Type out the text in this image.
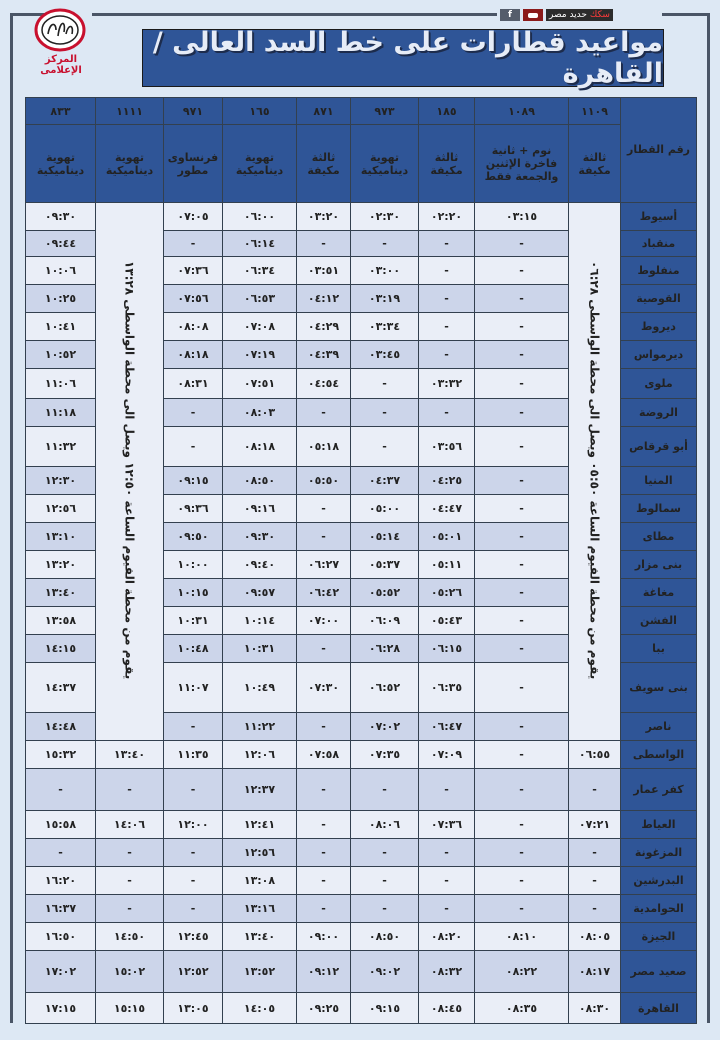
المركز الإعلامى
f	سكك حديد مصر
مواعيد قطارات على خط السد العالى / القاهرة
٨٣٣	١١١١	٩٧١	١٦٥	٨٧١	٩٧٣	١٨٥	١٠٨٩	١١٠٩	رقم القطار
تهوية ديناميكية	تهوية ديناميكية	فرنساوى مطور	تهوية ديناميكية	ثالثة مكيفة	تهوية ديناميكية	ثالثة مكيفة	نوم + ثانية فاخرة الإثنين والجمعة فقط	ثالثة مكيفة	
٠٩:٣٠	يقوم من محطة الفيوم الساعة ١٢:٥٠ ويصل الى محطة الواسطى ١٣:٢٨	٠٧:٠٥	٠٦:٠٠	٠٣:٢٠	٠٢:٣٠	٠٢:٢٠	٠٣:١٥	يقوم من محطة الفيوم الساعة ٠٥:٥٠ ويصل الى محطة الواسطى ٠٦:٢٨	أسيوط
٠٩:٤٤		-	٠٦:١٤	-	-	-	-		منقباد
١٠:٠٦		٠٧:٣٦	٠٦:٣٤	٠٣:٥١	٠٣:٠٠	-	-		منفلوط
١٠:٢٥		٠٧:٥٦	٠٦:٥٣	٠٤:١٢	٠٣:١٩	-	-		القوصية
١٠:٤١		٠٨:٠٨	٠٧:٠٨	٠٤:٢٩	٠٣:٣٤	-	-		ديروط
١٠:٥٢		٠٨:١٨	٠٧:١٩	٠٤:٣٩	٠٣:٤٥	-	-		ديرمواس
١١:٠٦		٠٨:٣١	٠٧:٥١	٠٤:٥٤	-	٠٣:٣٢	-		ملوى
١١:١٨		-	٠٨:٠٣	-	-	-	-		الروضة
١١:٣٢		-	٠٨:١٨	٠٥:١٨	-	٠٣:٥٦	-		أبو قرقاص
١٢:٣٠		٠٩:١٥	٠٨:٥٠	٠٥:٥٠	٠٤:٣٧	٠٤:٢٥	-		المنيا
١٢:٥٦		٠٩:٣٦	٠٩:١٦	-	٠٥:٠٠	٠٤:٤٧	-		سمالوط
١٣:١٠		٠٩:٥٠	٠٩:٣٠	-	٠٥:١٤	٠٥:٠١	-		مطاى
١٣:٢٠		١٠:٠٠	٠٩:٤٠	٠٦:٢٧	٠٥:٣٧	٠٥:١١	-		بنى مزار
١٣:٤٠		١٠:١٥	٠٩:٥٧	٠٦:٤٢	٠٥:٥٢	٠٥:٢٦	-		مغاغة
١٣:٥٨		١٠:٣١	١٠:١٤	٠٧:٠٠	٠٦:٠٩	٠٥:٤٣	-		الفشن
١٤:١٥		١٠:٤٨	١٠:٣١	-	٠٦:٢٨	٠٦:١٥	-		ببا
١٤:٣٧		١١:٠٧	١٠:٤٩	٠٧:٣٠	٠٦:٥٢	٠٦:٣٥	-		بنى سويف
١٤:٤٨		-	١١:٢٢	-	٠٧:٠٢	٠٦:٤٧	-		ناصر
١٥:٣٢	١٣:٤٠	١١:٣٥	١٢:٠٦	٠٧:٥٨	٠٧:٣٥	٠٧:٠٩	-	٠٦:٥٥	الواسطى
-	-	-	١٢:٣٧	-	-	-	-	-	كفر عمار
١٥:٥٨	١٤:٠٦	١٢:٠٠	١٢:٤١	-	٠٨:٠٦	٠٧:٣٦	-	٠٧:٢١	العياط
-	-	-	١٢:٥٦	-	-	-	-	-	المزغونة
١٦:٢٠	-	-	١٣:٠٨	-	-	-	-	-	البدرشين
١٦:٣٧	-	-	١٣:١٦	-	-	-	-	-	الحوامدية
١٦:٥٠	١٤:٥٠	١٢:٤٥	١٣:٤٠	٠٩:٠٠	٠٨:٥٠	٠٨:٢٠	٠٨:١٠	٠٨:٠٥	الجيزة
١٧:٠٢	١٥:٠٢	١٢:٥٢	١٣:٥٢	٠٩:١٢	٠٩:٠٢	٠٨:٣٢	٠٨:٢٢	٠٨:١٧	صعيد مصر
١٧:١٥	١٥:١٥	١٣:٠٥	١٤:٠٥	٠٩:٢٥	٠٩:١٥	٠٨:٤٥	٠٨:٣٥	٠٨:٣٠	القاهرة
